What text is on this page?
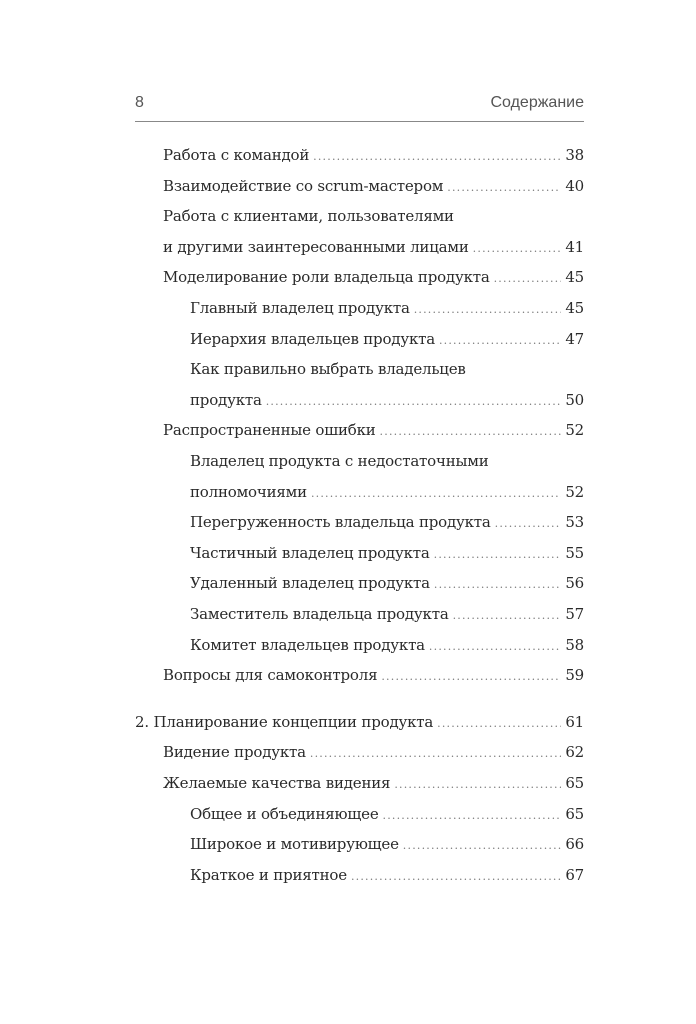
8	Содержание
Работа с командой .....	38
Взаимодействие со scrum-мастером .....	40
Работа с клиентами, пользователями
и другими заинтересованными лицами .....	41
Моделирование роли владельца продукта .....	45
Главный владелец продукта .....	45
Иерархия владельцев продукта .....	47
Как правильно выбрать владельцев
продукта .....	50
Распространенные ошибки .....	52
Владелец продукта с недостаточными
полномочиями .....	52
Перегруженность владельца продукта .....	53
Частичный владелец продукта .....	55
Удаленный владелец продукта .....	56
Заместитель владельца продукта .....	57
Комитет владельцев продукта .....	58
Вопросы для самоконтроля .....	59
2. Планирование концепции продукта .....	61
Видение продукта .....	62
Желаемые качества видения .....	65
Общее и объединяющее .....	65
Широкое и мотивирующее .....	66
Краткое и приятное .....	67
